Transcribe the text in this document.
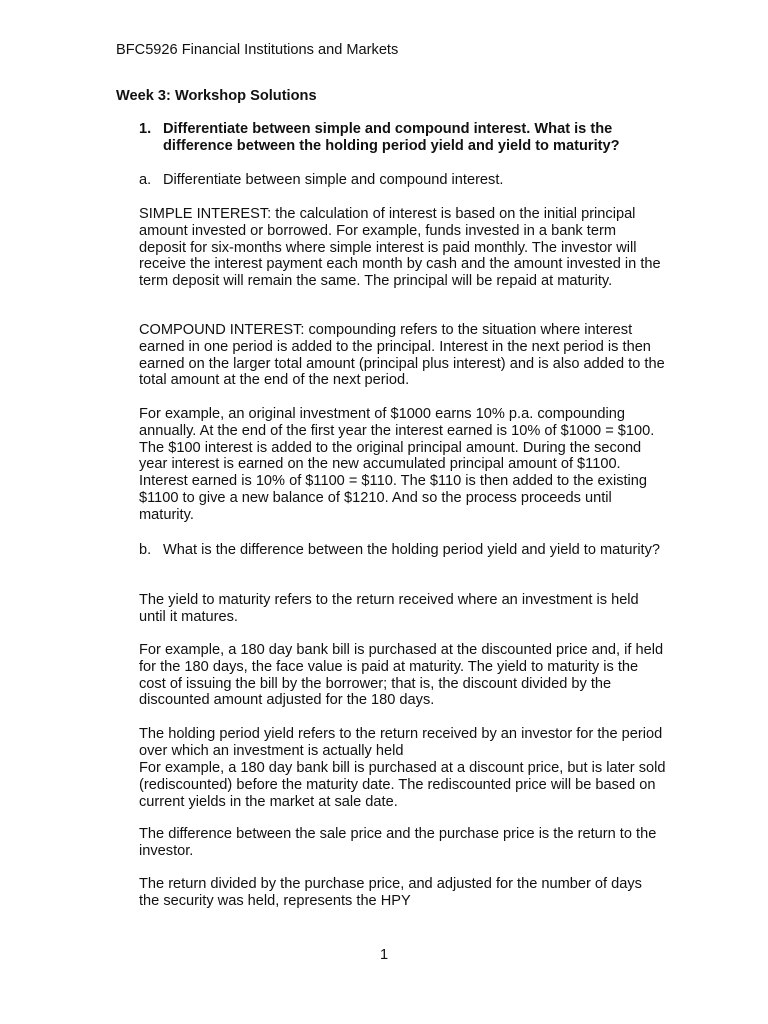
BFC5926 Financial Institutions and Markets
Week 3: Workshop Solutions
1. Differentiate between simple and compound interest. What is the difference between the holding period yield and yield to maturity?
a. Differentiate between simple and compound interest.

SIMPLE INTEREST: the calculation of interest is based on the initial principal amount invested or borrowed. For example, funds invested in a bank term deposit for six-months where simple interest is paid monthly. The investor will receive the interest payment each month by cash and the amount invested in the term deposit will remain the same. The principal will be repaid at maturity.

COMPOUND INTEREST: compounding refers to the situation where interest earned in one period is added to the principal. Interest in the next period is then earned on the larger total amount (principal plus interest) and is also added to the total amount at the end of the next period.

For example, an original investment of $1000 earns 10% p.a. compounding annually. At the end of the first year the interest earned is 10% of $1000 = $100. The $100 interest is added to the original principal amount. During the second year interest is earned on the new accumulated principal amount of $1100. Interest earned is 10% of $1100 = $110. The $110 is then added to the existing $1100 to give a new balance of $1210. And so the process proceeds until maturity.

b. What is the difference between the holding period yield and yield to maturity?

The yield to maturity refers to the return received where an investment is held until it matures.

For example, a 180 day bank bill is purchased at the discounted price and, if held for the 180 days, the face value is paid at maturity. The yield to maturity is the cost of issuing the bill by the borrower; that is, the discount divided by the discounted amount adjusted for the 180 days.

The holding period yield refers to the return received by an investor for the period over which an investment is actually held

For example, a 180 day bank bill is purchased at a discount price, but is later sold (rediscounted) before the maturity date. The rediscounted price will be based on current yields in the market at sale date.

The difference between the sale price and the purchase price is the return to the investor.

The return divided by the purchase price, and adjusted for the number of days the security was held, represents the HPY

1
